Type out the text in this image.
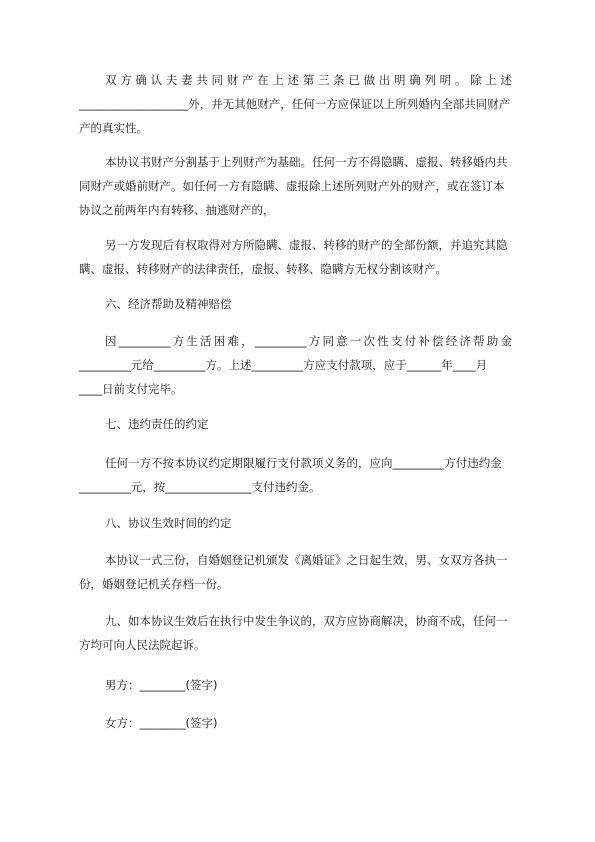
双方确认夫妻共同财产在上述第三条已做出明确列明。除上述
___________________外，并无其他财产，任何一方应保证以上所列婚内全部共同财产
产的真实性。
本协议书财产分割基于上列财产为基础。任何一方不得隐瞒、虚报、转移婚内共
同财产或婚前财产。如任何一方有隐瞒、虚报除上述所列财产外的财产，或在签订本
协议之前两年内有转移、抽逃财产的，
另一方发现后有权取得对方所隐瞒、虚报、转移的财产的全部份额，并追究其隐
瞒、虚报、转移财产的法律责任，虚报、转移、隐瞒方无权分割该财产。
六、经济帮助及精神赔偿
因_________方生活困难，_________方同意一次性支付补偿经济帮助金
_________元给_________方。上述_________方应支付款项，应于______年____月
____日前支付完毕。
七、违约责任的约定
任何一方不按本协议约定期限履行支付款项义务的，应向_________方付违约金
_________元，按_______________支付违约金。
八、协议生效时间的约定
本协议一式三份，自婚姻登记机颁发《离婚证》之日起生效，男、女双方各执一
份，婚姻登记机关存档一份。
九、如本协议生效后在执行中发生争议的，双方应协商解决，协商不成，任何一
方均可向人民法院起诉。
男方：________(签字)
女方：________(签字)
